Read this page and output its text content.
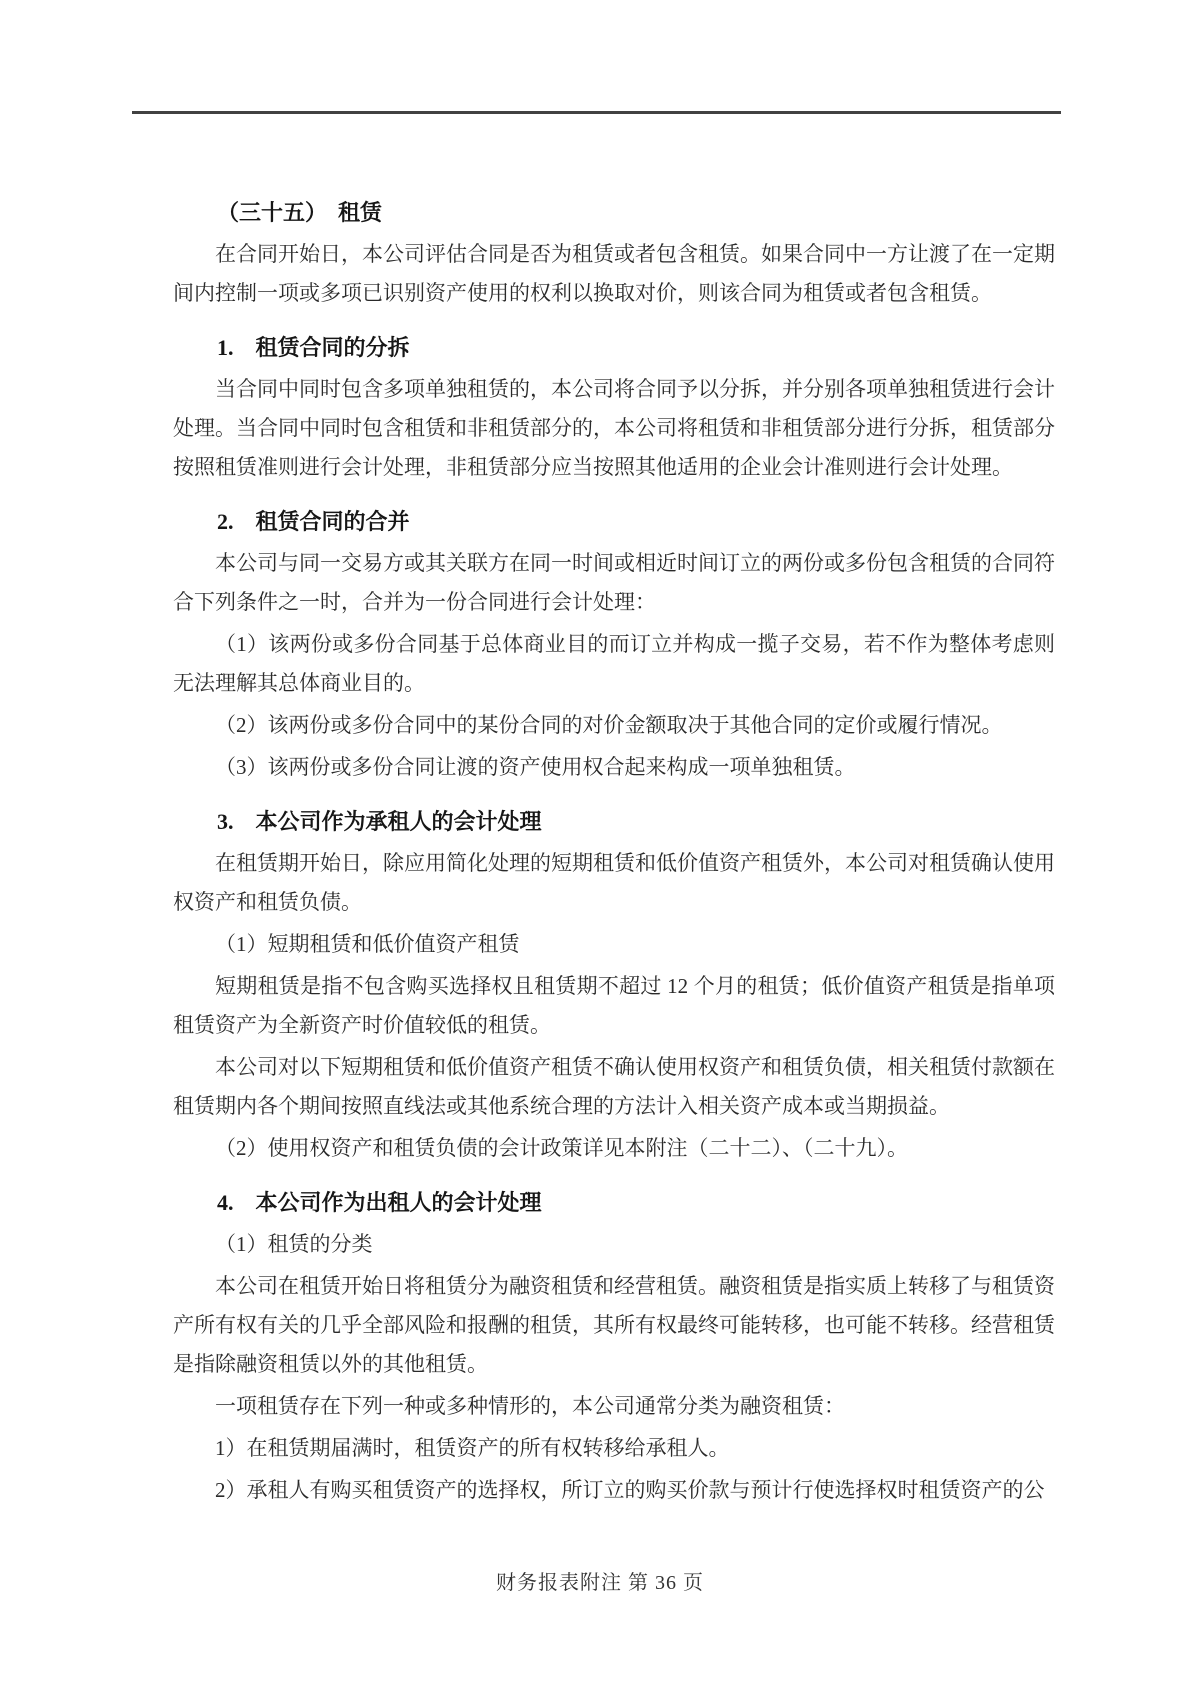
（三十五）　租赁

在合同开始日，本公司评估合同是否为租赁或者包含租赁。如果合同中一方让渡了在一定期间内控制一项或多项已识别资产使用的权利以换取对价，则该合同为租赁或者包含租赁。

1.　租赁合同的分拆

当合同中同时包含多项单独租赁的，本公司将合同予以分拆，并分别各项单独租赁进行会计处理。当合同中同时包含租赁和非租赁部分的，本公司将租赁和非租赁部分进行分拆，租赁部分按照租赁准则进行会计处理，非租赁部分应当按照其他适用的企业会计准则进行会计处理。

2.　租赁合同的合并

本公司与同一交易方或其关联方在同一时间或相近时间订立的两份或多份包含租赁的合同符合下列条件之一时，合并为一份合同进行会计处理：

（1）该两份或多份合同基于总体商业目的而订立并构成一揽子交易，若不作为整体考虑则无法理解其总体商业目的。

（2）该两份或多份合同中的某份合同的对价金额取决于其他合同的定价或履行情况。

（3）该两份或多份合同让渡的资产使用权合起来构成一项单独租赁。

3.　本公司作为承租人的会计处理

在租赁期开始日，除应用简化处理的短期租赁和低价值资产租赁外，本公司对租赁确认使用权资产和租赁负债。

（1）短期租赁和低价值资产租赁

短期租赁是指不包含购买选择权且租赁期不超过 12 个月的租赁；低价值资产租赁是指单项租赁资产为全新资产时价值较低的租赁。

本公司对以下短期租赁和低价值资产租赁不确认使用权资产和租赁负债，相关租赁付款额在租赁期内各个期间按照直线法或其他系统合理的方法计入相关资产成本或当期损益。

（2）使用权资产和租赁负债的会计政策详见本附注（二十二）、（二十九）。

4.　本公司作为出租人的会计处理

（1）租赁的分类

本公司在租赁开始日将租赁分为融资租赁和经营租赁。融资租赁是指实质上转移了与租赁资产所有权有关的几乎全部风险和报酬的租赁，其所有权最终可能转移，也可能不转移。经营租赁是指除融资租赁以外的其他租赁。

一项租赁存在下列一种或多种情形的，本公司通常分类为融资租赁：

1）在租赁期届满时，租赁资产的所有权转移给承租人。

2）承租人有购买租赁资产的选择权，所订立的购买价款与预计行使选择权时租赁资产的公

财务报表附注 第 36 页
